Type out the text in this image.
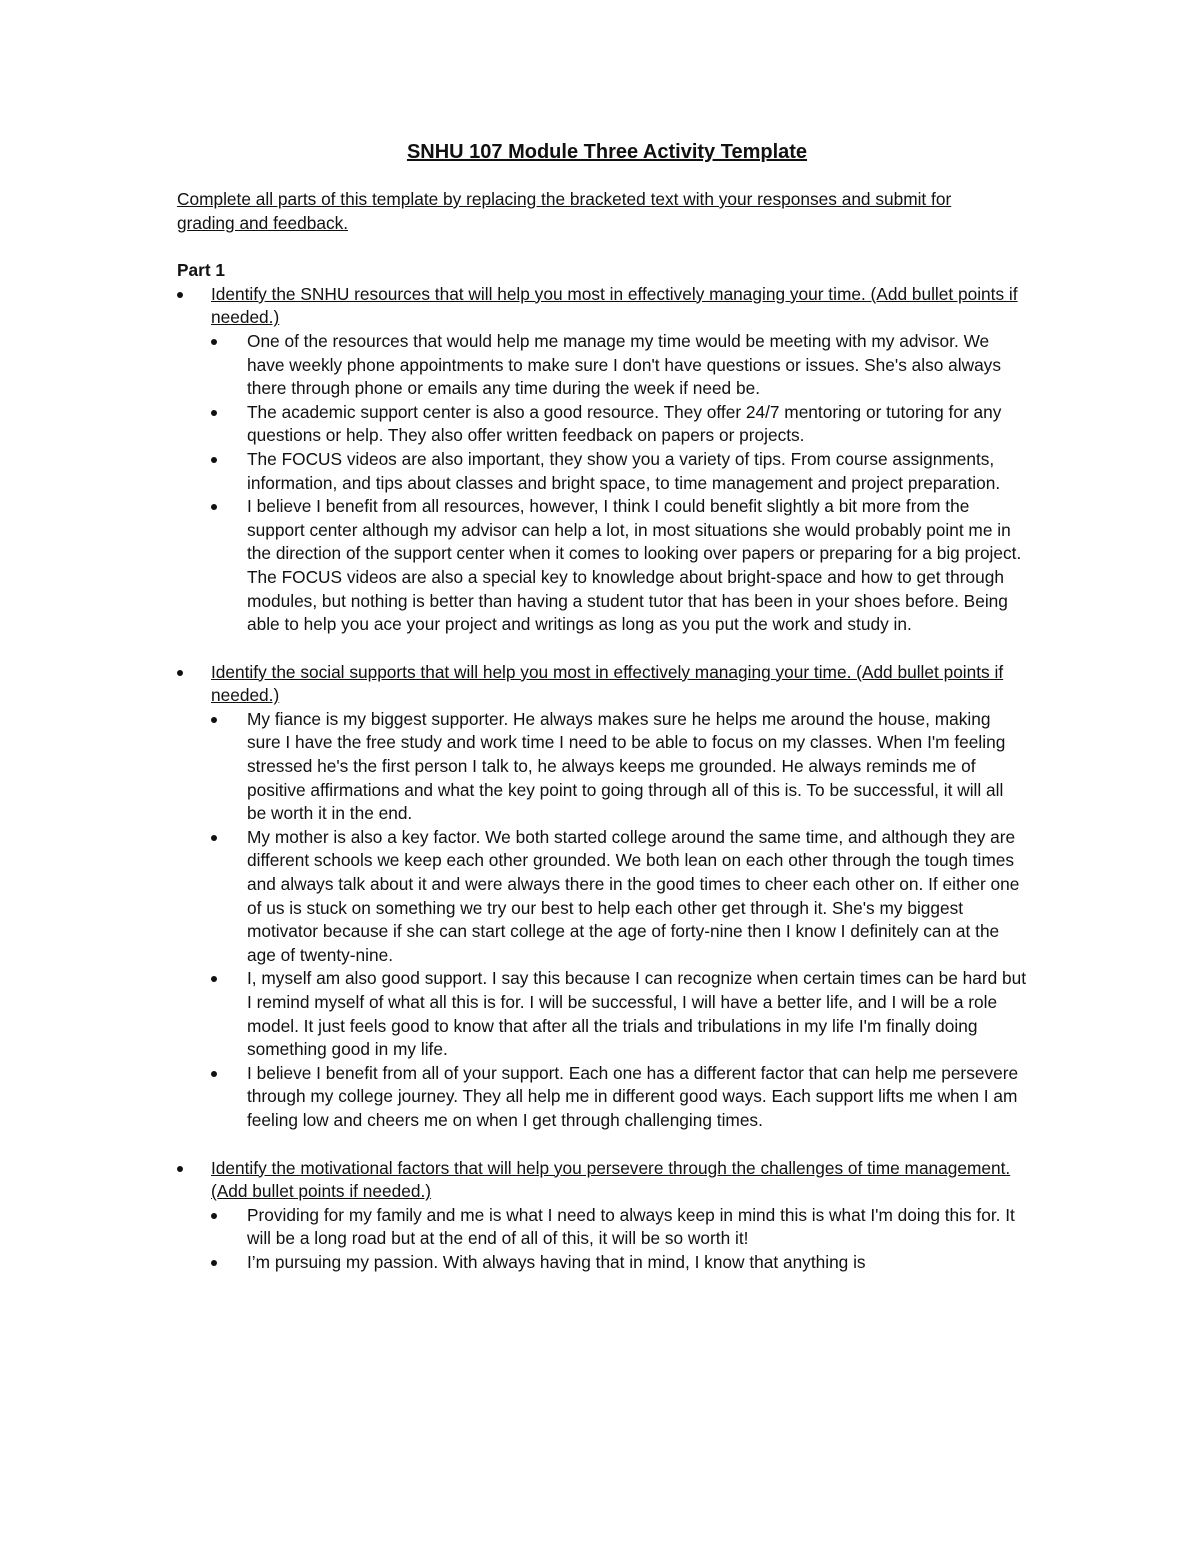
SNHU 107 Module Three Activity Template
Complete all parts of this template by replacing the bracketed text with your responses and submit for grading and feedback.
Part 1
Identify the SNHU resources that will help you most in effectively managing your time. (Add bullet points if needed.)
One of the resources that would help me manage my time would be meeting with my advisor. We have weekly phone appointments to make sure I don't have questions or issues. She's also always there through phone or emails any time during the week if need be.
The academic support center is also a good resource. They offer 24/7 mentoring or tutoring for any questions or help. They also offer written feedback on papers or projects.
The FOCUS videos are also important, they show you a variety of tips. From course assignments, information, and tips about classes and bright space, to time management and project preparation.
I believe I benefit from all resources, however, I think I could benefit slightly a bit more from the support center although my advisor can help a lot, in most situations she would probably point me in the direction of the support center when it comes to looking over papers or preparing for a big project. The FOCUS videos are also a special key to knowledge about bright-space and how to get through modules, but nothing is better than having a student tutor that has been in your shoes before. Being able to help you ace your project and writings as long as you put the work and study in.
Identify the social supports that will help you most in effectively managing your time. (Add bullet points if needed.)
My fiance is my biggest supporter. He always makes sure he helps me around the house, making sure I have the free study and work time I need to be able to focus on my classes. When I'm feeling stressed he's the first person I talk to, he always keeps me grounded. He always reminds me of positive affirmations and what the key point to going through all of this is. To be successful, it will all be worth it in the end.
My mother is also a key factor. We both started college around the same time, and although they are different schools we keep each other grounded. We both lean on each other through the tough times and always talk about it and were always there in the good times to cheer each other on. If either one of us is stuck on something we try our best to help each other get through it. She's my biggest motivator because if she can start college at the age of forty-nine then I know I definitely can at the age of twenty-nine.
I, myself am also good support. I say this because I can recognize when certain times can be hard but I remind myself of what all this is for. I will be successful, I will have a better life, and I will be a role model. It just feels good to know that after all the trials and tribulations in my life I'm finally doing something good in my life.
I believe I benefit from all of your support. Each one has a different factor that can help me persevere through my college journey. They all help me in different good ways. Each support lifts me when I am feeling low and cheers me on when I get through challenging times.
Identify the motivational factors that will help you persevere through the challenges of time management. (Add bullet points if needed.)
Providing for my family and me is what I need to always keep in mind this is what I'm doing this for. It will be a long road but at the end of all of this, it will be so worth it!
I’m pursuing my passion. With always having that in mind, I know that anything is
